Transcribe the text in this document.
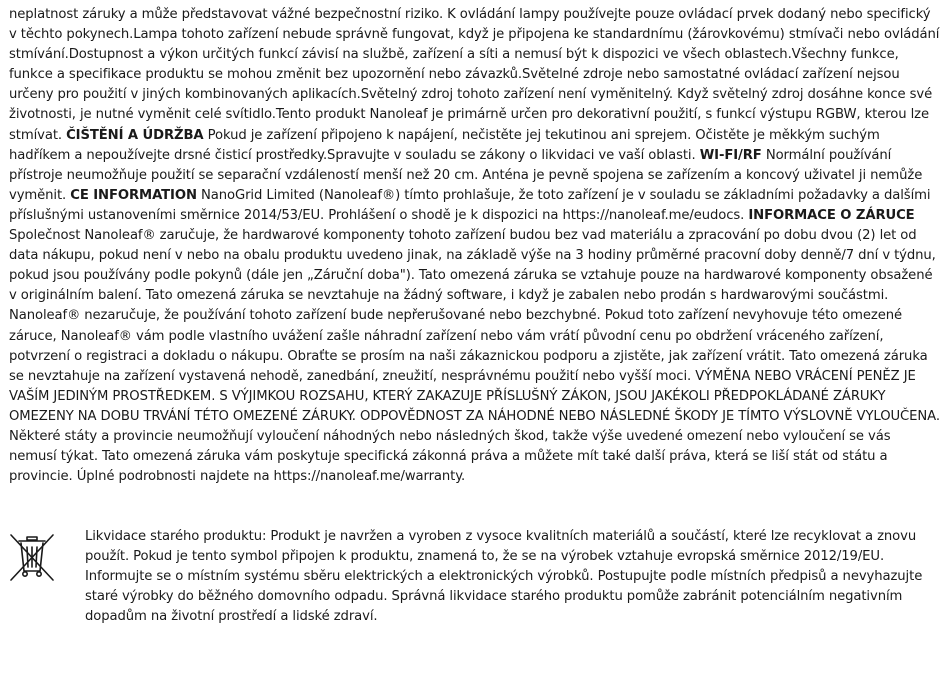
neplatnost záruky a může představovat vážné bezpečnostní riziko. K ovládání lampy používejte pouze ovládací prvek dodaný nebo specifický v těchto pokynech.Lampa tohoto zařízení nebude správně fungovat, když je připojena ke standardnímu (žárovkovému) stmívači nebo ovládání stmívání.Dostupnost a výkon určitých funkcí závisí na službě, zařízení a síti a nemusí být k dispozici ve všech oblastech.Všechny funkce, funkce a specifikace produktu se mohou změnit bez upozornění nebo závazků.Světelné zdroje nebo samostatné ovládací zařízení nejsou určeny pro použití v jiných kombinovaných aplikacích.Světelný zdroj tohoto zařízení není vyměnitelný. Když světelný zdroj dosáhne konce své životnosti, je nutné vyměnit celé svítidlo.Tento produkt Nanoleaf je primárně určen pro dekorativní použití, s funkcí výstupu RGBW, kterou lze stmívat. ČIŠTĚNÍ A ÚDRŽBA Pokud je zařízení připojeno k napájení, nečistěte jej tekutinou ani sprejem. Očistěte je měkkým suchým hadříkem a nepoužívejte drsné čisticí prostředky.Spravujte v souladu se zákony o likvidaci ve vaší oblasti. WI-FI/RF Normální používání přístroje neumožňuje použití se separační vzdáleností menší než 20 cm. Anténa je pevně spojena se zařízením a koncový uživatel ji nemůže vyměnit. CE INFORMATION NanoGrid Limited (Nanoleaf®) tímto prohlašuje, že toto zařízení je v souladu se základními požadavky a dalšími příslušnými ustanoveními směrnice 2014/53/EU. Prohlášení o shodě je k dispozici na https://nanoleaf.me/eudocs. INFORMACE O ZÁRUCE Společnost Nanoleaf® zaručuje, že hardwarové komponenty tohoto zařízení budou bez vad materiálu a zpracování po dobu dvou (2) let od data nákupu, pokud není v nebo na obalu produktu uvedeno jinak, na základě výše na 3 hodiny průměrné pracovní doby denně/7 dní v týdnu, pokud jsou používány podle pokynů (dále jen „Záruční doba"). Tato omezená záruka se vztahuje pouze na hardwarové komponenty obsažené v originálním balení. Tato omezená záruka se nevztahuje na žádný software, i když je zabalen nebo prodán s hardwarovými součástmi. Nanoleaf® nezaručuje, že používání tohoto zařízení bude nepřerušované nebo bezchybné. Pokud toto zařízení nevyhovuje této omezené záruce, Nanoleaf® vám podle vlastního uvážení zašle náhradní zařízení nebo vám vrátí původní cenu po obdržení vráceného zařízení, potvrzení o registraci a dokladu o nákupu. Obraťte se prosím na naši zákaznickou podporu a zjistěte, jak zařízení vrátit. Tato omezená záruka se nevztahuje na zařízení vystavená nehodě, zanedbání, zneužití, nesprávnému použití nebo vyšší moci. VÝMĚNA NEBO VRÁCENÍ PENĚZ JE VAŠÍM JEDINÝM PROSTŘEDKEM. S VÝJIMKOU ROZSAHU, KTERÝ ZAKAZUJE PŘÍSLUŠNÝ ZÁKON, JSOU JAKÉKOLI PŘEDPOKLÁDANÉ ZÁRUKY OMEZENY NA DOBU TRVÁNÍ TÉTO OMEZENÉ ZÁRUKY. ODPOVĚDNOST ZA NÁHODNÉ NEBO NÁSLEDNÉ ŠKODY JE TÍMTO VÝSLOVNĚ VYLOUČENA. Některé státy a provincie neumožňují vyloučení náhodných nebo následných škod, takže výše uvedené omezení nebo vyloučení se vás nemusí týkat. Tato omezená záruka vám poskytuje specifická zákonná práva a můžete mít také další práva, která se liší stát od státu a provincie. Úplné podrobnosti najdete na https://nanoleaf.me/warranty.
Likvidace starého produktu: Produkt je navržen a vyroben z vysoce kvalitních materiálů a součástí, které lze recyklovat a znovu použít. Pokud je tento symbol připojen k produktu, znamená to, že se na výrobek vztahuje evropská směrnice 2012/19/EU. Informujte se o místním systému sběru elektrických a elektronických výrobků. Postupujte podle místních předpisů a nevyhazujte staré výrobky do běžného domovního odpadu. Správná likvidace starého produktu pomůže zabránit potenciálním negativním dopadům na životní prostředí a lidské zdraví.
